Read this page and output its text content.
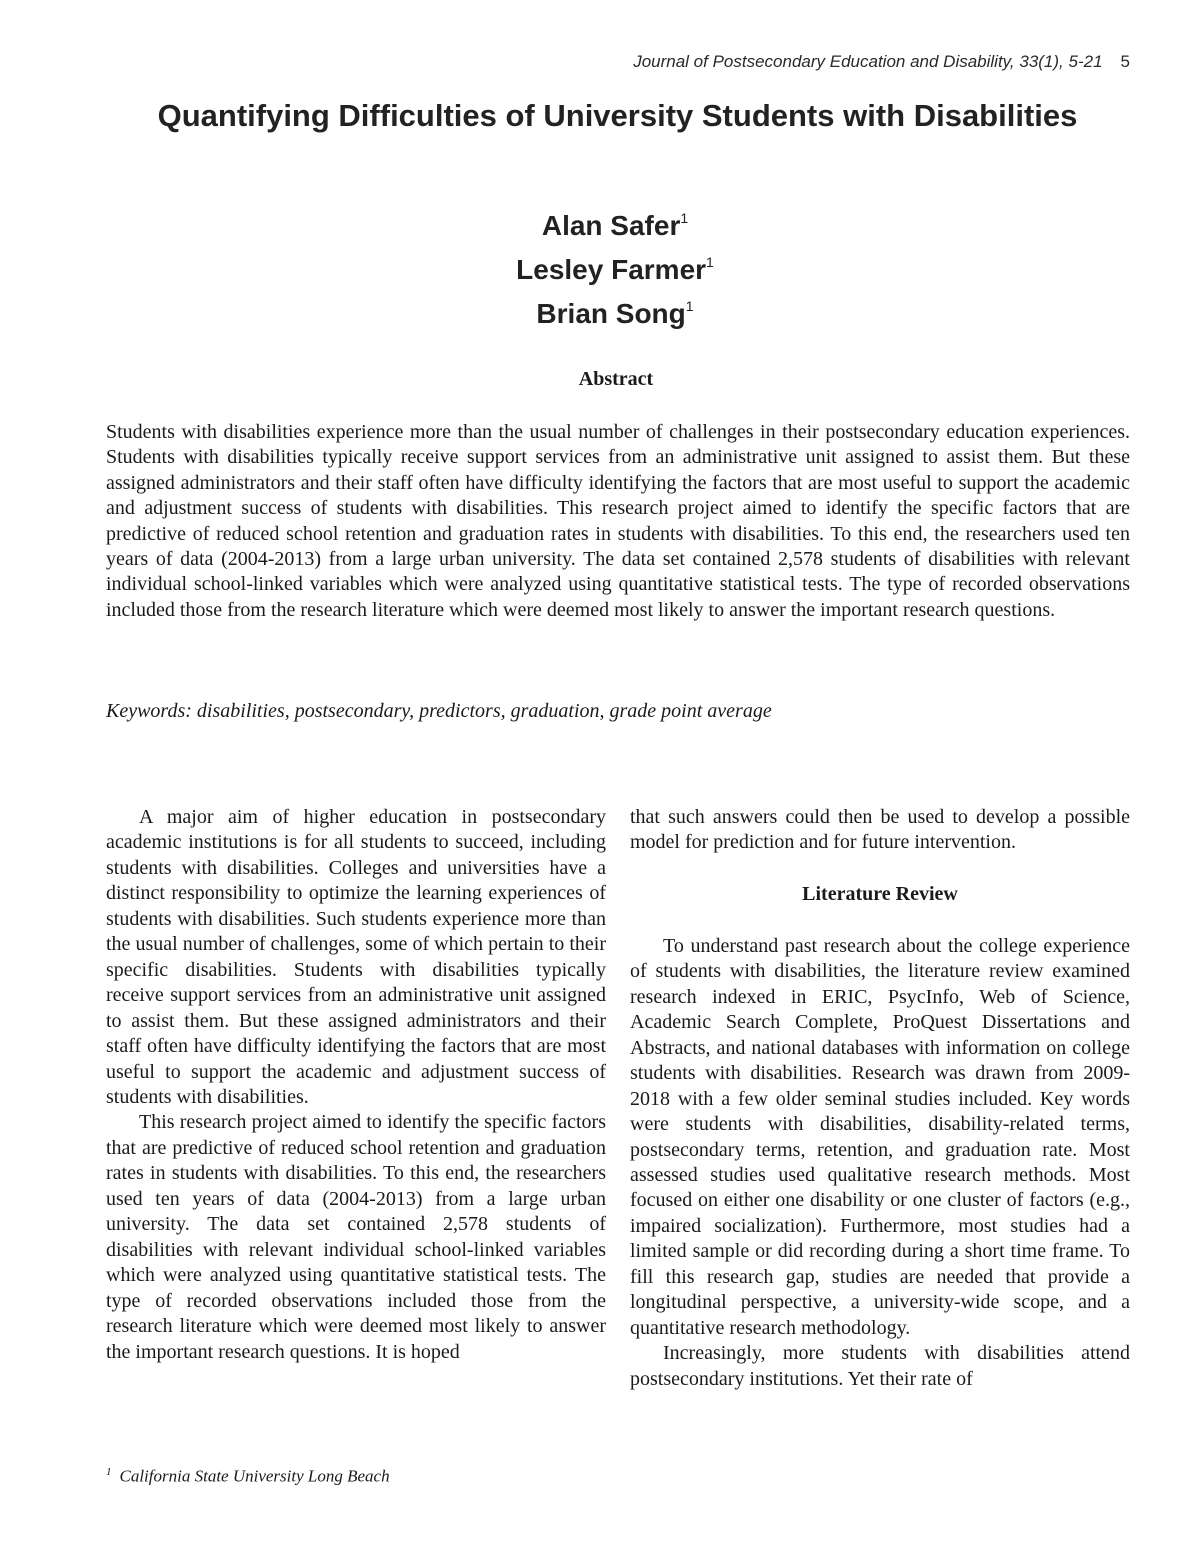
Journal of Postsecondary Education and Disability, 33(1), 5-21 5
Quantifying Difficulties of University Students with Disabilities
Alan Safer$^1$
Lesley Farmer$^1$
Brian Song$^1$
Abstract
Students with disabilities experience more than the usual number of challenges in their postsecondary education experiences. Students with disabilities typically receive support services from an administrative unit assigned to assist them. But these assigned administrators and their staff often have difficulty identifying the factors that are most useful to support the academic and adjustment success of students with disabilities. This research project aimed to identify the specific factors that are predictive of reduced school retention and graduation rates in students with disabilities. To this end, the researchers used ten years of data (2004-2013) from a large urban university. The data set contained 2,578 students of disabilities with relevant individual school-linked variables which were analyzed using quantitative statistical tests. The type of recorded observations included those from the research literature which were deemed most likely to answer the important research questions.
Keywords: disabilities, postsecondary, predictors, graduation, grade point average

A major aim of higher education in postsecondary academic institutions is for all students to succeed, including students with disabilities. Colleges and universities have a distinct responsibility to optimize the learning experiences of students with disabilities. Such students experience more than the usual number of challenges, some of which pertain to their specific disabilities. Students with disabilities typically receive support services from an administrative unit assigned to assist them. But these assigned administrators and their staff often have difficulty identifying the factors that are most useful to support the academic and adjustment success of students with disabilities.

This research project aimed to identify the specific factors that are predictive of reduced school retention and graduation rates in students with disabilities. To this end, the researchers used ten years of data (2004-2013) from a large urban university. The data set contained 2,578 students of disabilities with relevant individual school-linked variables which were analyzed using quantitative statistical tests. The type of recorded observations included those from the research literature which were deemed most likely to answer the important research questions. It is hoped

that such answers could then be used to develop a possible model for prediction and for future intervention.

Literature Review

To understand past research about the college experience of students with disabilities, the literature review examined research indexed in ERIC, PsycInfo, Web of Science, Academic Search Complete, ProQuest Dissertations and Abstracts, and national databases with information on college students with disabilities. Research was drawn from 2009-2018 with a few older seminal studies included. Key words were students with disabilities, disability-related terms, postsecondary terms, retention, and graduation rate. Most assessed studies used qualitative research methods. Most focused on either one disability or one cluster of factors (e.g., impaired socialization). Furthermore, most studies had a limited sample or did recording during a short time frame. To fill this research gap, studies are needed that provide a longitudinal perspective, a university-wide scope, and a quantitative research methodology.

Increasingly, more students with disabilities attend postsecondary institutions. Yet their rate of

$^1$ California State University Long Beach
